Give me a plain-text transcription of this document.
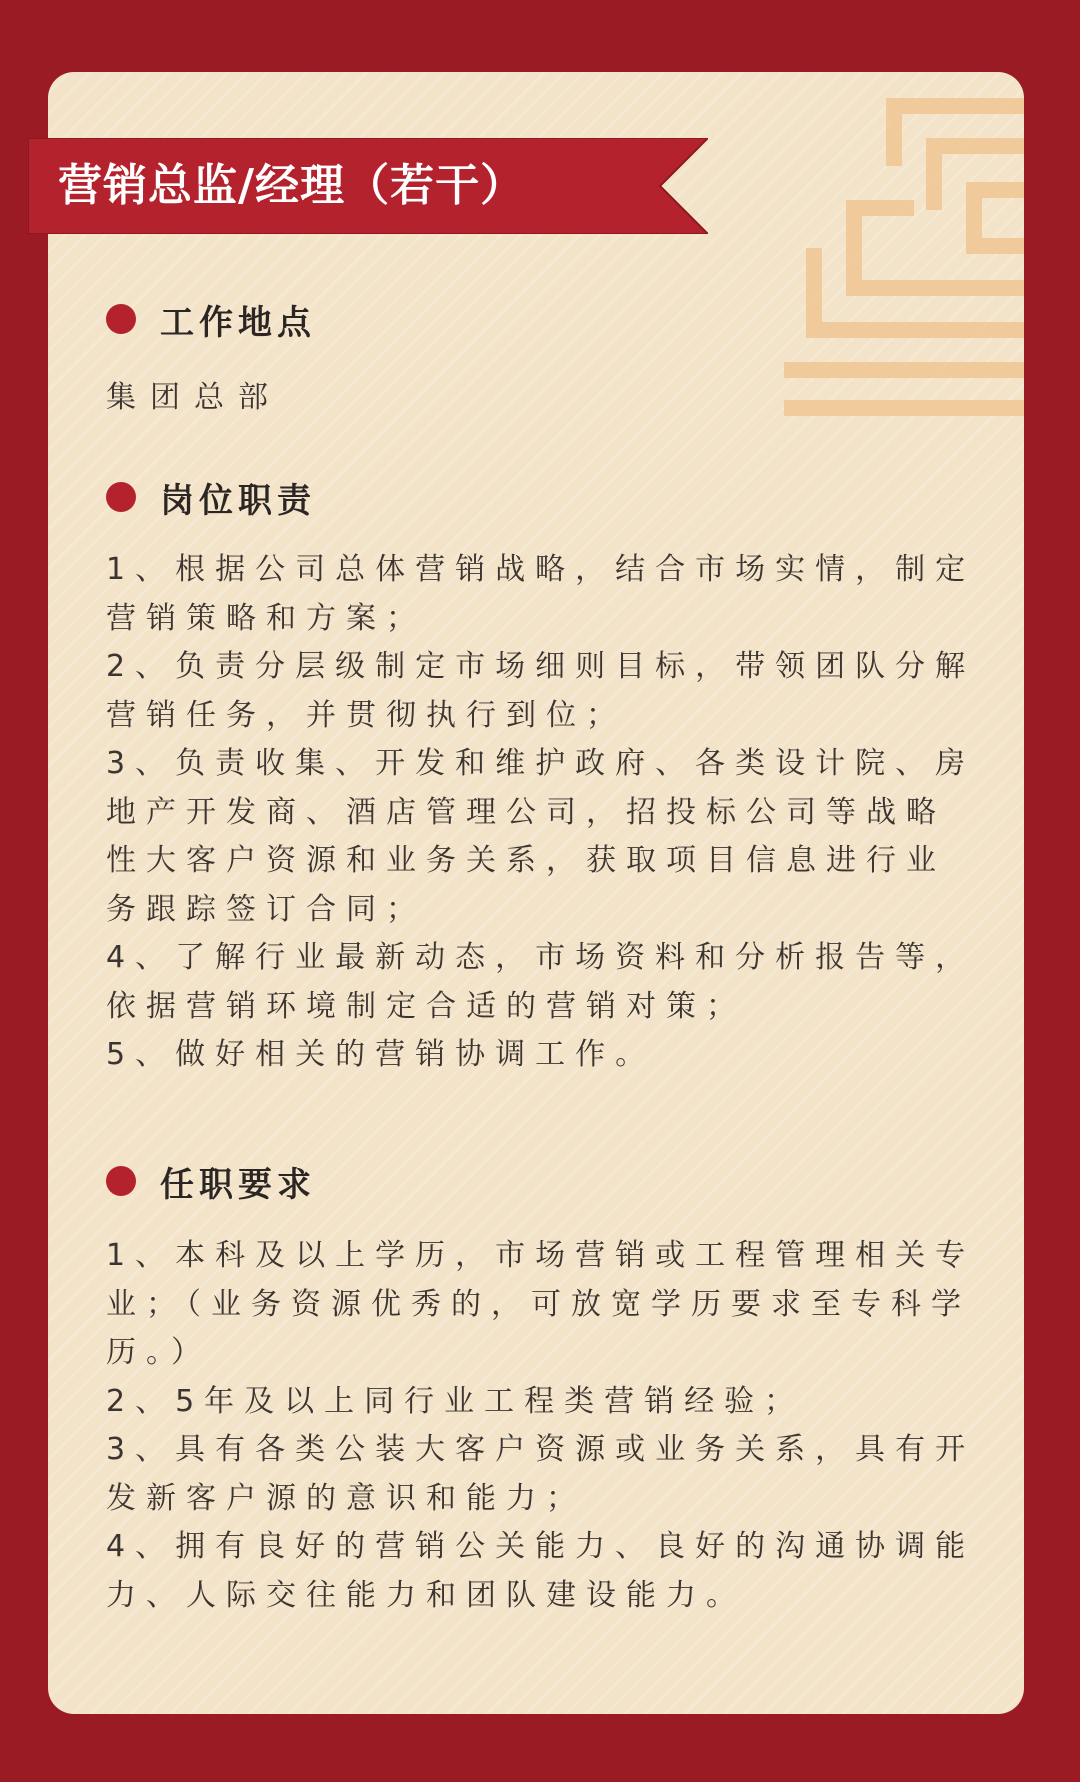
集团总部
营销总监/经理（若干）
工作地点
岗位职责
1、根据公司总体营销战略，结合市场实情，制定
营销策略和方案；
2、负责分层级制定市场细则目标，带领团队分解
营销任务，并贯彻执行到位；
3、负责收集、开发和维护政府、各类设计院、房
地产开发商、酒店管理公司，招投标公司等战略
性大客户资源和业务关系，获取项目信息进行业
务跟踪签订合同；
4、了解行业最新动态，市场资料和分析报告等，
依据营销环境制定合适的营销对策；
5、做好相关的营销协调工作。
任职要求
1、本科及以上学历，市场营销或工程管理相关专
业；（业务资源优秀的，可放宽学历要求至专科学
历。）
2、5年及以上同行业工程类营销经验；
3、具有各类公装大客户资源或业务关系，具有开
发新客户源的意识和能力；
4、拥有良好的营销公关能力、良好的沟通协调能
力、人际交往能力和团队建设能力。
